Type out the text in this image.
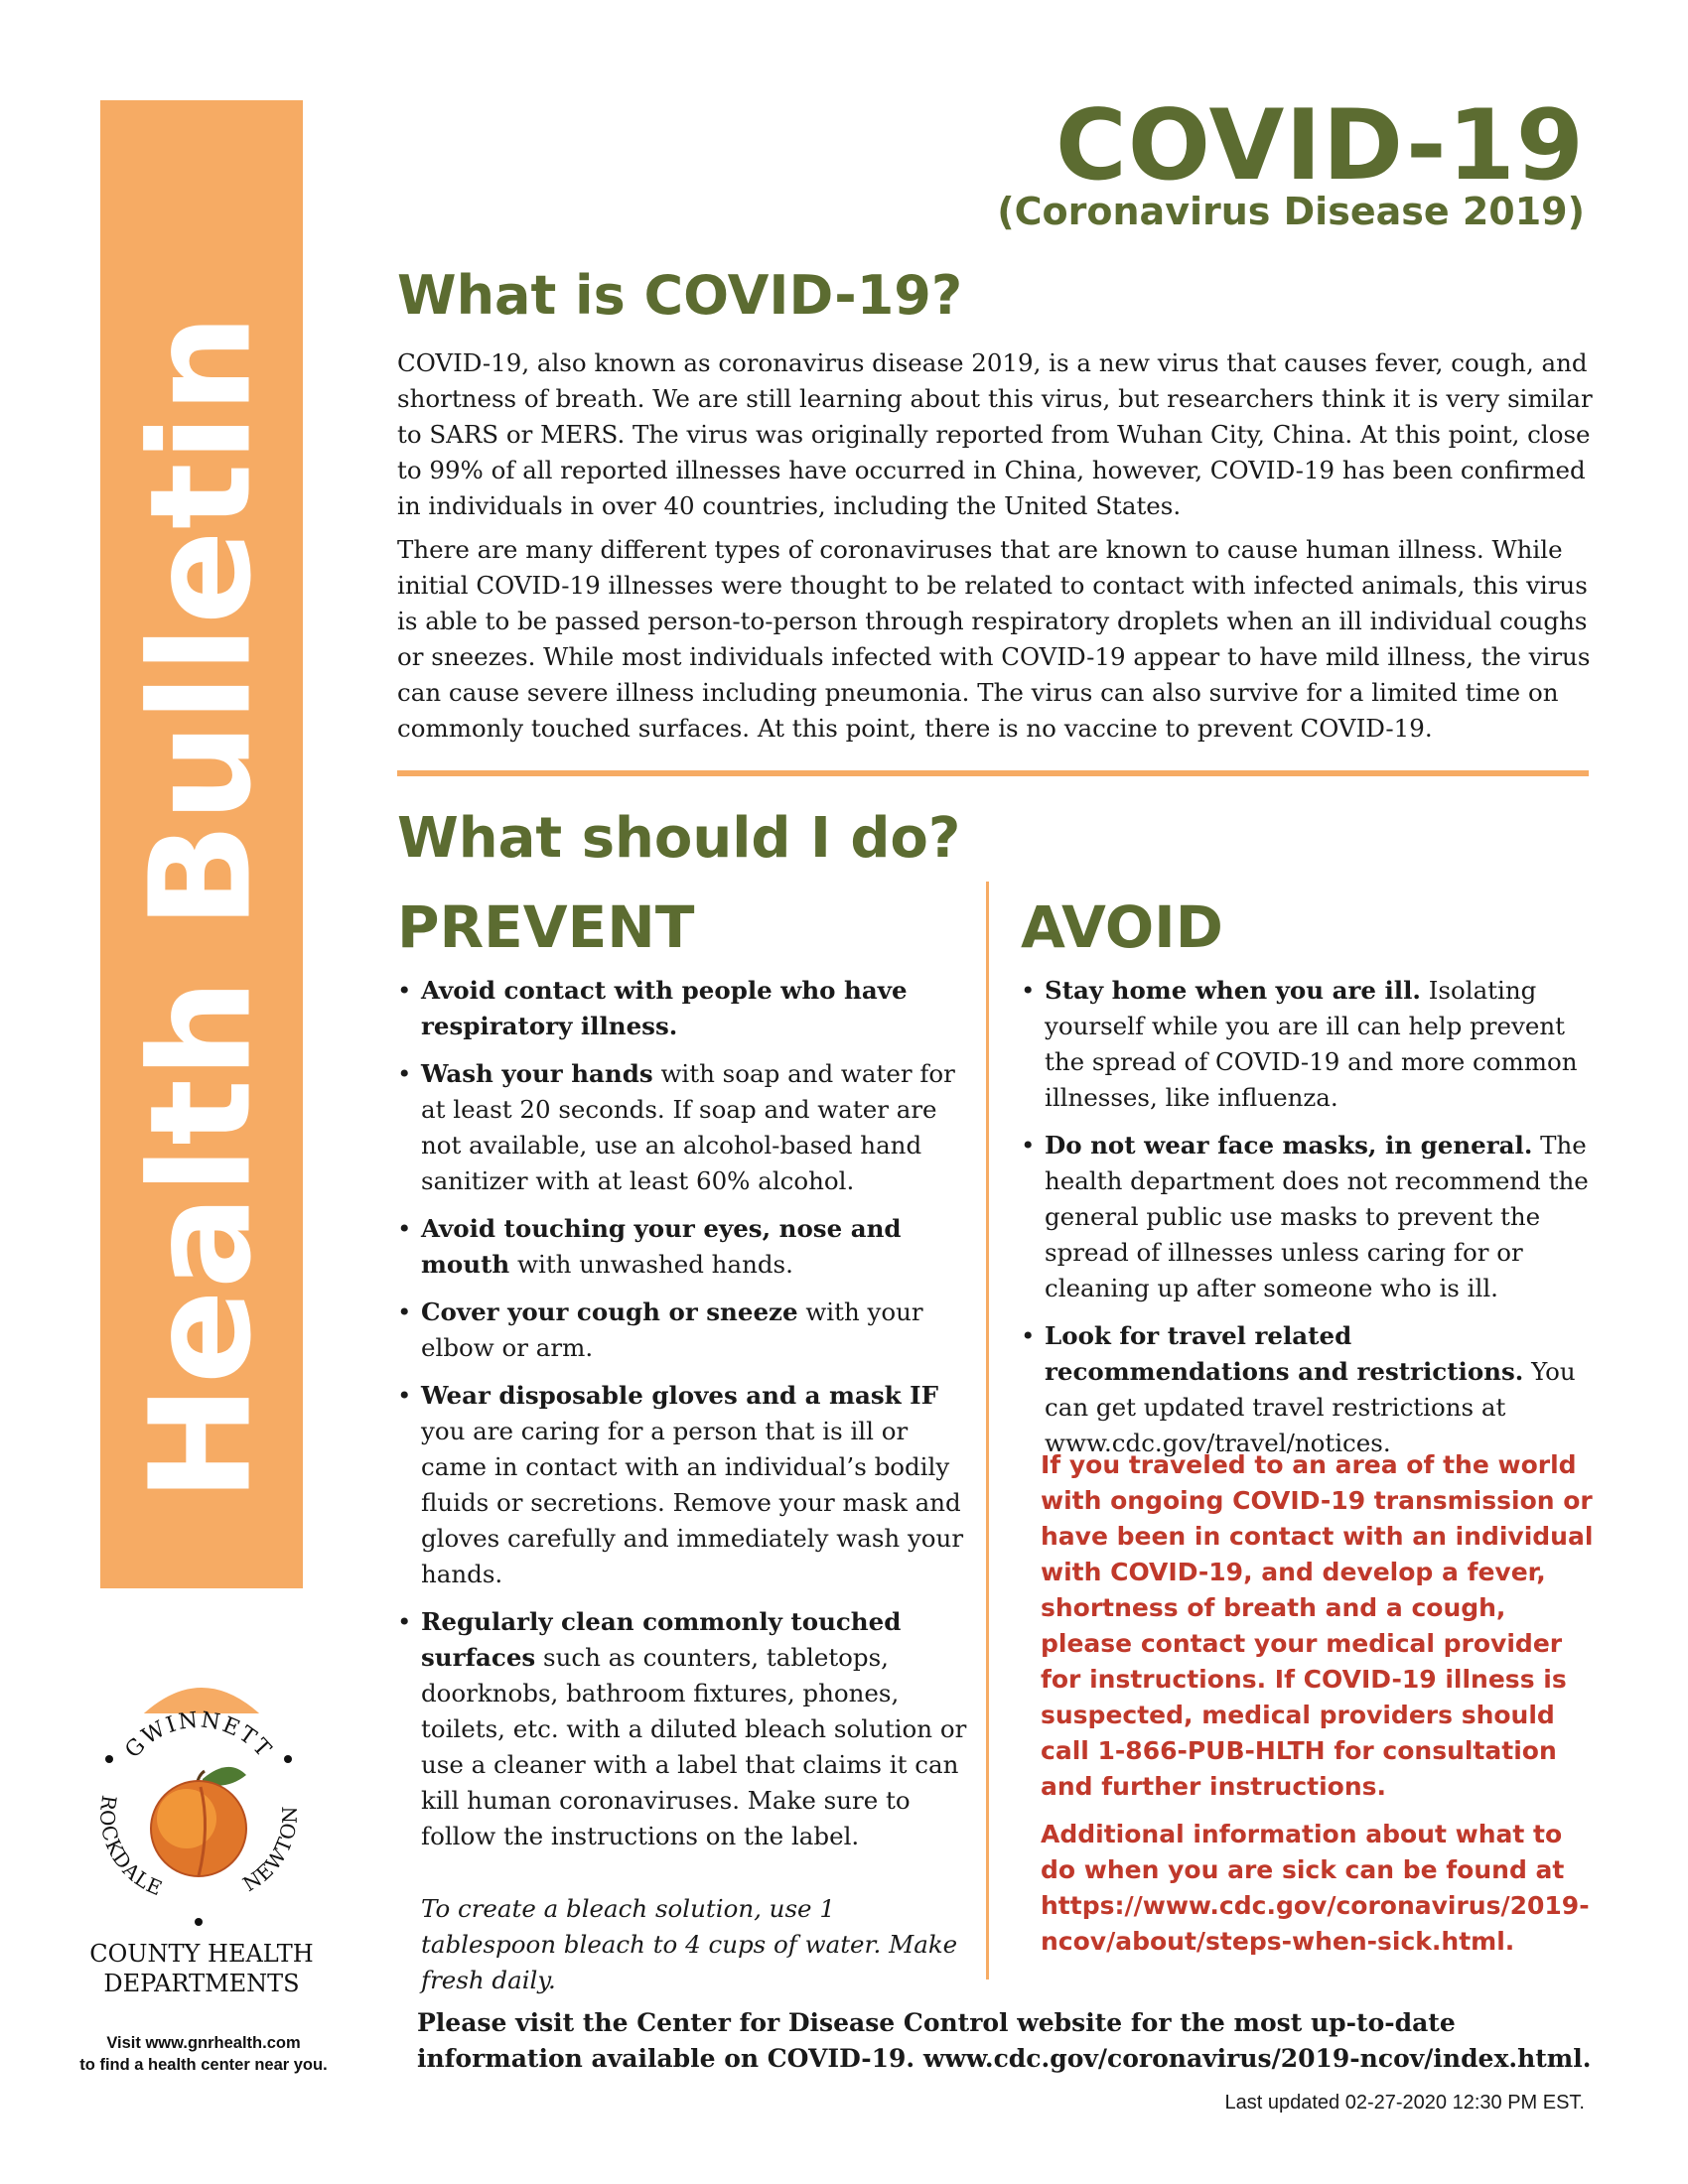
Health Bulletin
GWINNETT
ROCKDALE	NEWTON
COUNTY HEALTH
DEPARTMENTS
Visit www.gnrhealth.com
to find a health center near you.
COVID-19
(Coronavirus Disease 2019)
What is COVID-19?
COVID-19, also known as coronavirus disease 2019, is a new virus that causes fever, cough, and shortness of breath. We are still learning about this virus, but researchers think it is very similar to SARS or MERS. The virus was originally reported from Wuhan City, China. At this point, close to 99% of all reported illnesses have occurred in China, however, COVID-19 has been confirmed in individuals in over 40 countries, including the United States.
There are many different types of coronaviruses that are known to cause human illness. While initial COVID-19 illnesses were thought to be related to contact with infected animals, this virus is able to be passed person-to-person through respiratory droplets when an ill individual coughs or sneezes. While most individuals infected with COVID-19 appear to have mild illness, the virus can cause severe illness including pneumonia. The virus can also survive for a limited time on commonly touched surfaces. At this point, there is no vaccine to prevent COVID-19.
What should I do?
PREVENT
• Avoid contact with people who have respiratory illness.
• Wash your hands with soap and water for at least 20 seconds. If soap and water are not available, use an alcohol-based hand sanitizer with at least 60% alcohol.
• Avoid touching your eyes, nose and mouth with unwashed hands.
• Cover your cough or sneeze with your elbow or arm.
• Wear disposable gloves and a mask IF you are caring for a person that is ill or came in contact with an individual’s bodily fluids or secretions. Remove your mask and gloves carefully and immediately wash your hands.
• Regularly clean commonly touched surfaces such as counters, tabletops, doorknobs, bathroom fixtures, phones, toilets, etc. with a diluted bleach solution or use a cleaner with a label that claims it can kill human coronaviruses. Make sure to follow the instructions on the label.
To create a bleach solution, use 1 tablespoon bleach to 4 cups of water. Make fresh daily.
AVOID
• Stay home when you are ill. Isolating yourself while you are ill can help prevent the spread of COVID-19 and more common illnesses, like influenza.
• Do not wear face masks, in general. The health department does not recommend the general public use masks to prevent the spread of illnesses unless caring for or cleaning up after someone who is ill.
• Look for travel related recommendations and restrictions. You can get updated travel restrictions at www.cdc.gov/travel/notices.
If you traveled to an area of the world with ongoing COVID-19 transmission or have been in contact with an individual with COVID-19, and develop a fever, shortness of breath and a cough, please contact your medical provider for instructions. If COVID-19 illness is suspected, medical providers should call 1-866-PUB-HLTH for consultation and further instructions.
Additional information about what to do when you are sick can be found at https://www.cdc.gov/coronavirus/2019-ncov/about/steps-when-sick.html.
Please visit the Center for Disease Control website for the most up-to-date information available on COVID-19. www.cdc.gov/coronavirus/2019-ncov/index.html.
Last updated 02-27-2020 12:30 PM EST.
